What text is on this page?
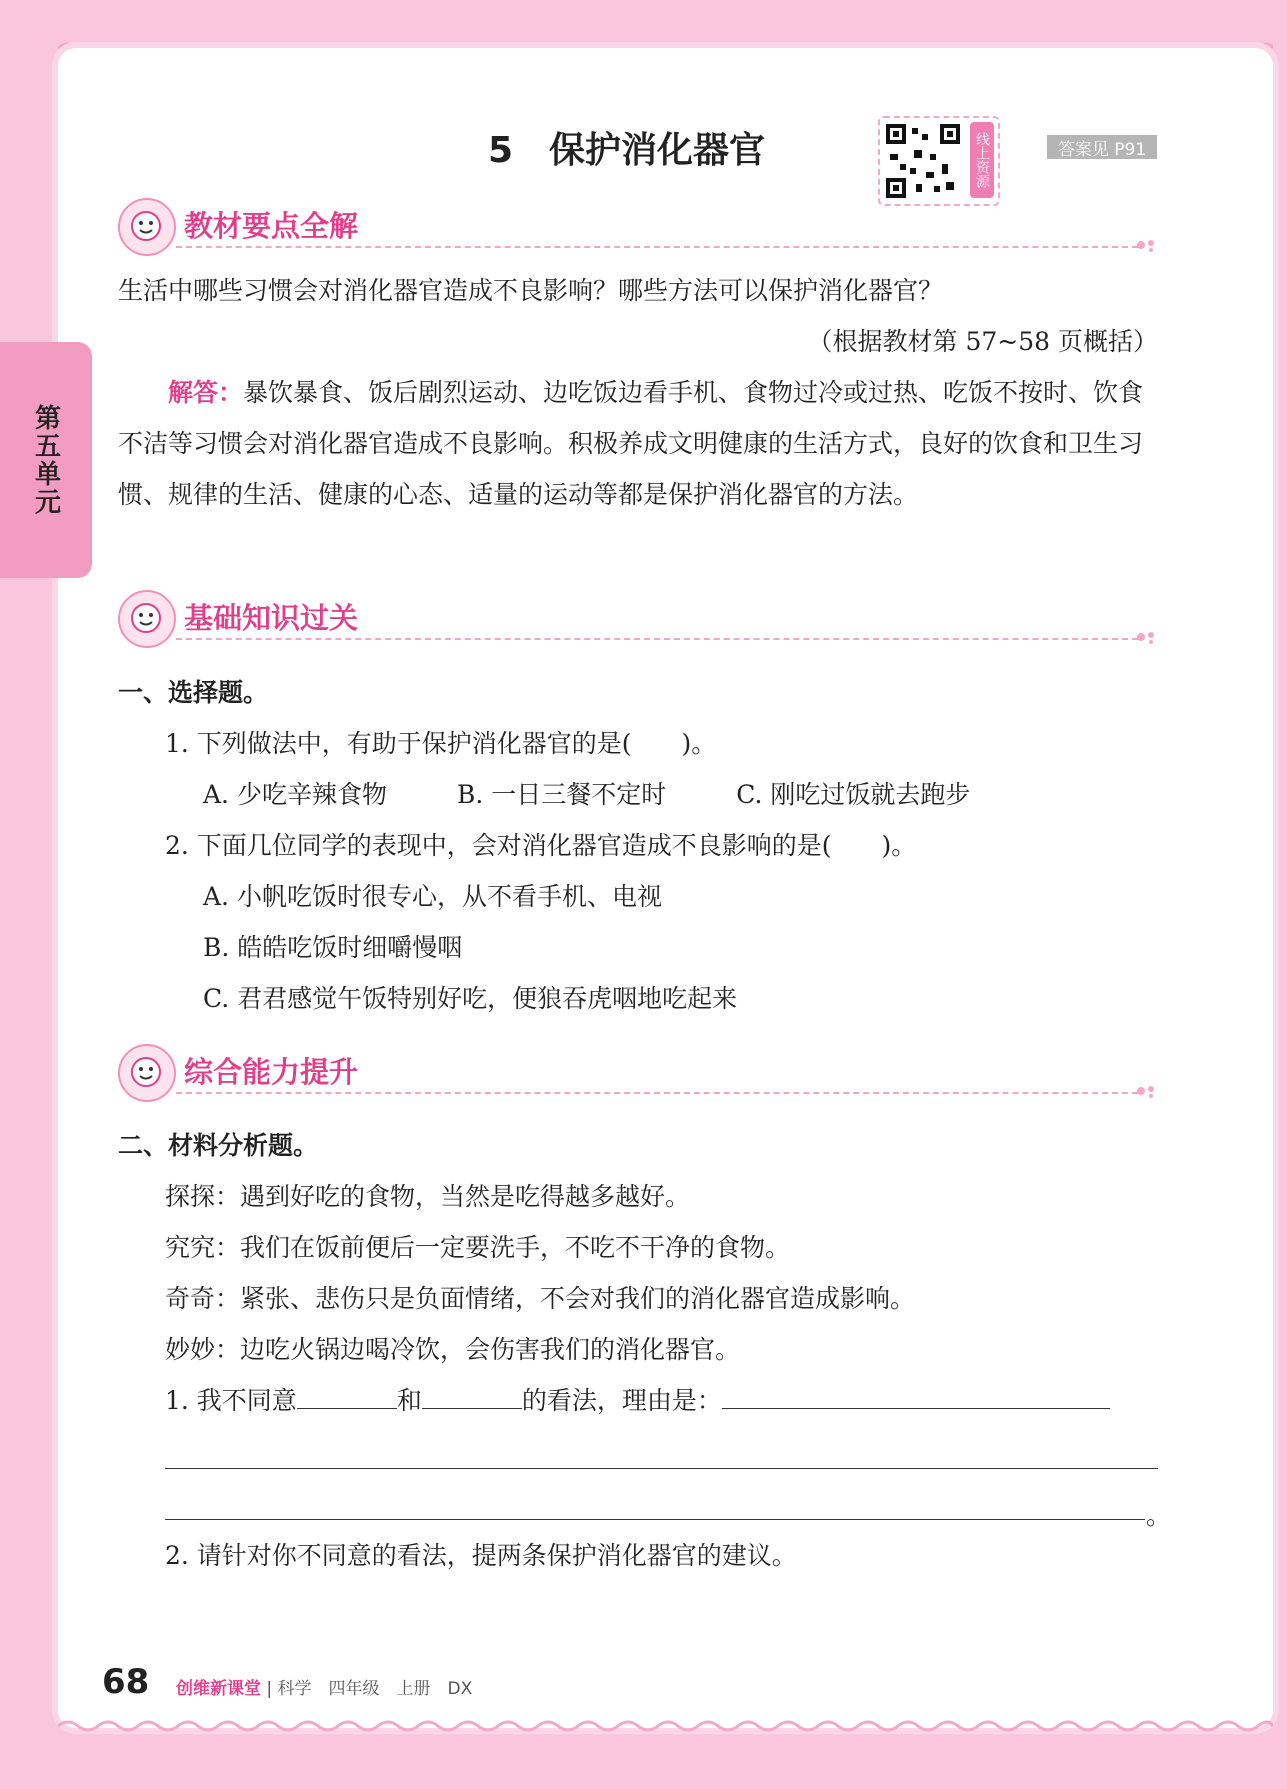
第五单元
5　保护消化器官	线上资源	答案见 P91
教材要点全解

生活中哪些习惯会对消化器官造成不良影响？哪些方法可以保护消化器官？

（根据教材第 57~58 页概括）

解答：暴饮暴食、饭后剧烈运动、边吃饭边看手机、食物过冷或过热、吃饭不按时、饮食不洁等习惯会对消化器官造成不良影响。积极养成文明健康的生活方式，良好的饮食和卫生习惯、规律的生活、健康的心态、适量的运动等都是保护消化器官的方法。

基础知识过关

一、选择题。

1. 下列做法中，有助于保护消化器官的是(　　)。

A. 少吃辛辣食物	B. 一日三餐不定时	C. 刚吃过饭就去跑步

2. 下面几位同学的表现中，会对消化器官造成不良影响的是(　　)。

A. 小帆吃饭时很专心，从不看手机、电视

B. 皓皓吃饭时细嚼慢咽

C. 君君感觉午饭特别好吃，便狼吞虎咽地吃起来

综合能力提升

二、材料分析题。

探探：遇到好吃的食物，当然是吃得越多越好。

究究：我们在饭前便后一定要洗手，不吃不干净的食物。

奇奇：紧张、悲伤只是负面情绪，不会对我们的消化器官造成影响。

妙妙：边吃火锅边喝冷饮，会伤害我们的消化器官。

1. 我不同意	和	的看法，理由是：

。

2. 请针对你不同意的看法，提两条保护消化器官的建议。

68 创维新课堂 | 科学　四年级　上册　DX
